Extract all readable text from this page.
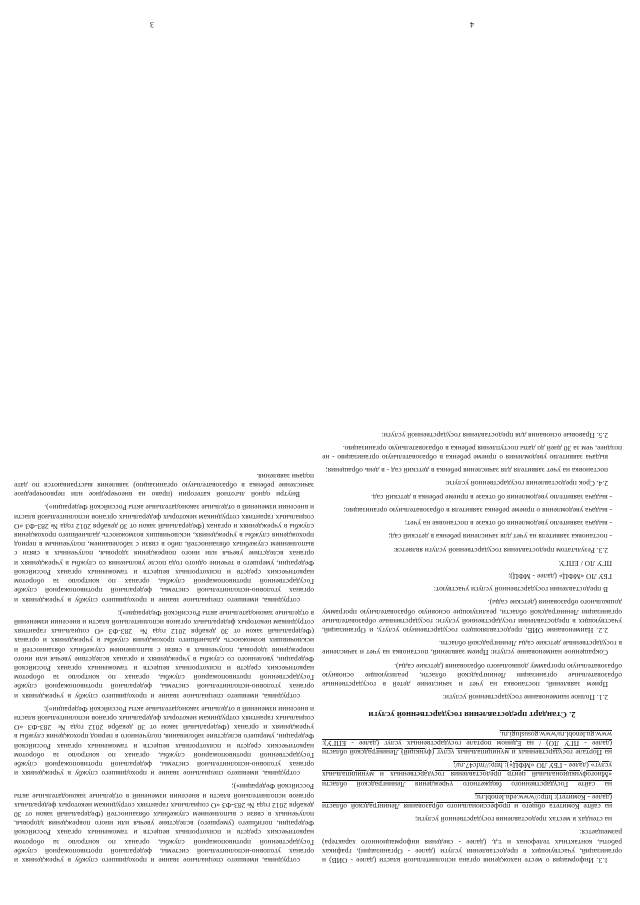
сотрудника, имевшего специальное звание и проходившего службу в учреждениях и органах уголовно-исполнительной системы, федеральной противопожарной службе Государственной противопожарной службы, органах по контролю за оборотом наркотических средств и психотропных веществ и таможенных органах Российской Федерации, погибшего (умершего) вследствие увечья или иного повреждения здоровья, полученных в связи с выполнением служебных обязанностей (Федеральный закон от 30 декабря 2012 года № 283-ФЗ «О социальных гарантиях сотрудникам некоторых федеральных органов исполнительной власти и внесении изменений в отдельные законодательные акты Российской Федерации»);

сотрудника, имевшего специальное звание и проходившего службу в учреждениях и органах уголовно-исполнительной системы, федеральной противопожарной службе Государственной противопожарной службы, органах по контролю за оборотом наркотических средств и психотропных веществ и таможенных органах Российской Федерации, умершего вследствие заболевания, полученного в период прохождения службы в учреждениях и органах (Федеральный закон от 30 декабря 2012 года № 283-ФЗ «О социальных гарантиях сотрудникам некоторых федеральных органов исполнительной власти и внесении изменений в отдельные законодательные акты Российской Федерации»);

сотрудника, имевшего специальное звание и проходившего службу в учреждениях и органах уголовно-исполнительной системы, федеральной противопожарной службе Государственной противопожарной службы, органах по контролю за оборотом наркотических средств и психотропных веществ и таможенных органах Российской Федерации, уволенного со службы в учреждениях и органах вследствие увечья или иного повреждения здоровья, полученных в связи с выполнением служебных обязанностей и исключивших возможность дальнейшего прохождения службы в учреждениях и органах (Федеральный закон от 30 декабря 2012 года № 283-ФЗ «О социальных гарантиях сотрудникам некоторых федеральных органов исполнительной власти и внесении изменений в отдельные законодательные акты Российской Федерации»);

сотрудника, имевшего специальное звание и проходившего службу в учреждениях и органах уголовно-исполнительной системы, федеральной противопожарной службе Государственной противопожарной службы, органах по контролю за оборотом наркотических средств и психотропных веществ и таможенных органах Российской Федерации, умершего в течение одного года после увольнения со службы в учреждениях и органах вследствие увечья или иного повреждения здоровья, полученных в связи с выполнением служебных обязанностей, либо в связи с заболеванием, полученным в период прохождения службы в учреждениях, исключивших возможность дальнейшего прохождения службы в учреждениях и органах (Федеральный закон от 30 декабря 2012 года № 283-ФЗ «О социальных гарантиях сотрудникам некоторых федеральных органов исполнительной власти и внесении изменений в отдельные законодательные акты Российской Федерации»).

Внутри одной льготной категории (право на внеочередное или первоочередное зачисление ребенка в образовательную организацию) заявления выстраиваются по дате подачи заявления.

1.3. Информация о месте нахождения органа исполнительной власти (далее - ОИВ) и организаций, участвующих в предоставлении услуги (далее - Организации), графиках работы, контактных телефонах и т.д. (далее - сведения информационного характера) размещается:

на стендах в местах предоставления государственной услуги;

на сайте Комитета общего и профессионального образования Ленинградской области (далее - Комитет): http://www.edu.lenobl.ru;

на сайте Государственного бюджетного учреждения Ленинградской области «Многофункциональный центр предоставления государственных и муниципальных услуг» (далее - ГБУ ЛО «МФЦ»): http://mfc47.ru/;

на Портале государственных и муниципальных услуг (функций) Ленинградской области (далее - ПГУ ЛО) / на Едином портале государственных услуг (далее - ЕПГУ): www.gu.lenobl.ru/www.gosuslugi.ru.

2. Стандарт предоставления государственной услуги

2.1. Полное наименование государственной услуги:

Прием заявлений, постановка на учет и зачисление детей в государственные образовательные организации Ленинградской области, реализующие основную образовательную программу дошкольного образования (детские сады).

Сокращенное наименование услуги: Прием заявлений, постановка на учет и зачисление в государственные детские сады Ленинградской области.

2.2. Наименование ОИВ, предоставляющего государственную услугу, и Организаций, участвующих в предоставлении государственной услуги: государственные образовательные организации Ленинградской области, реализующие основную образовательную программу дошкольного образования (детские сады).

В предоставлении государственной услуги участвуют:

ГБУ ЛО «МФЦ» (далее - МФЦ);

ПГУ ЛО / ЕПГУ.

2.3. Результатом предоставления государственной услуги является:

- постановка заявителя на учет для зачисления ребенка в детский сад;

- выдача заявителю уведомления об отказе в постановке на учет;

- выдача уведомления о приеме ребенка заявителя в образовательную организацию;

- выдача заявителю уведомления об отказе в приеме ребенка в детский сад.

2.4. Срок предоставления государственной услуги:

постановка на учет заявителя для зачисления ребенка в детский сад - в день обращения;

выдача заявителю уведомления о приеме ребенка в образовательную организацию - не позднее, чем за 30 дней до даты поступления ребенка в образовательную организацию.

2.5. Правовые основания для предоставления государственной услуги:

3	4
